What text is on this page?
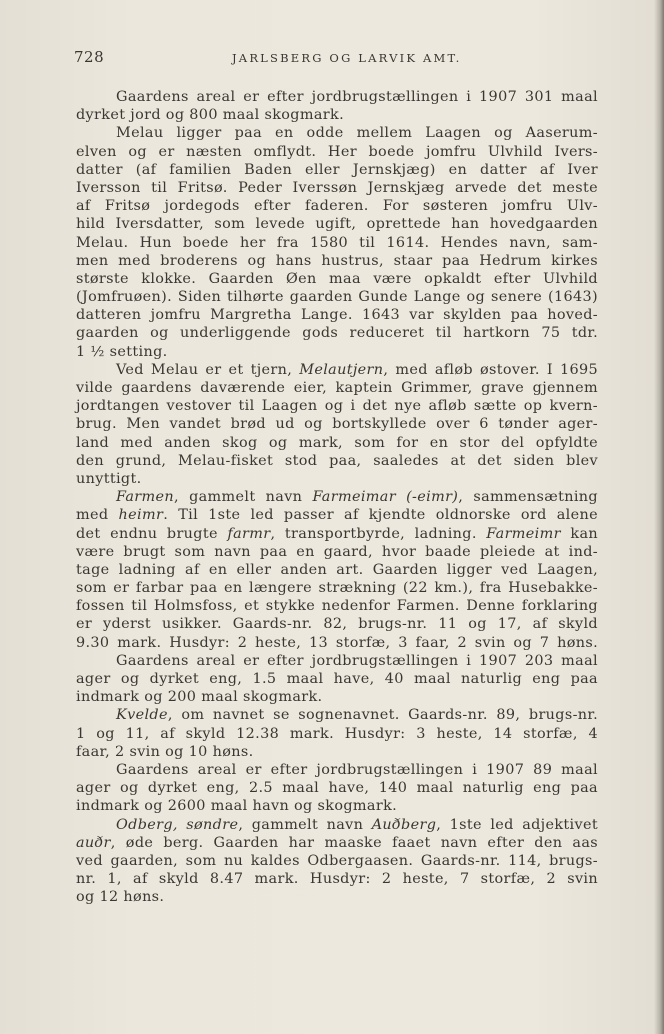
728	JARLSBERG OG LARVIK AMT.
Gaardens areal er efter jordbrugstællingen i 1907 301 maal
dyrket jord og 800 maal skogmark.
Melau ligger paa en odde mellem Laagen og Aaserum-
elven og er næsten omflydt. Her boede jomfru Ulvhild Ivers-
datter (af familien Baden eller Jernskjæg) en datter af Iver
Iversson til Fritsø. Peder Iverssøn Jernskjæg arvede det meste
af Fritsø jordegods efter faderen. For søsteren jomfru Ulv-
hild Iversdatter, som levede ugift, oprettede han hovedgaarden
Melau. Hun boede her fra 1580 til 1614. Hendes navn, sam-
men med broderens og hans hustrus, staar paa Hedrum kirkes
største klokke. Gaarden Øen maa være opkaldt efter Ulvhild
(Jomfruøen). Siden tilhørte gaarden Gunde Lange og senere (1643)
datteren jomfru Margretha Lange. 1643 var skylden paa hoved-
gaarden og underliggende gods reduceret til hartkorn 75 tdr.
1 ½ setting.
Ved Melau er et tjern, Melautjern, med afløb østover. I 1695
vilde gaardens daværende eier, kaptein Grimmer, grave gjennem
jordtangen vestover til Laagen og i det nye afløb sætte op kvern-
brug. Men vandet brød ud og bortskyllede over 6 tønder ager-
land med anden skog og mark, som for en stor del opfyldte
den grund, Melau-fisket stod paa, saaledes at det siden blev
unyttigt.
Farmen, gammelt navn Farmeimar (-eimr), sammensætning
med heimr. Til 1ste led passer af kjendte oldnorske ord alene
det endnu brugte farmr, transportbyrde, ladning. Farmeimr kan
være brugt som navn paa en gaard, hvor baade pleiede at ind-
tage ladning af en eller anden art. Gaarden ligger ved Laagen,
som er farbar paa en længere strækning (22 km.), fra Husebakke-
fossen til Holmsfoss, et stykke nedenfor Farmen. Denne forklaring
er yderst usikker. Gaards-nr. 82, brugs-nr. 11 og 17, af skyld
9.30 mark. Husdyr: 2 heste, 13 storfæ, 3 faar, 2 svin og 7 høns.
Gaardens areal er efter jordbrugstællingen i 1907 203 maal
ager og dyrket eng, 1.5 maal have, 40 maal naturlig eng paa
indmark og 200 maal skogmark.
Kvelde, om navnet se sognenavnet. Gaards-nr. 89, brugs-nr.
1 og 11, af skyld 12.38 mark. Husdyr: 3 heste, 14 storfæ, 4
faar, 2 svin og 10 høns.
Gaardens areal er efter jordbrugstællingen i 1907 89 maal
ager og dyrket eng, 2.5 maal have, 140 maal naturlig eng paa
indmark og 2600 maal havn og skogmark.
Odberg, søndre, gammelt navn Auðberg, 1ste led adjektivet
auðr, øde berg. Gaarden har maaske faaet navn efter den aas
ved gaarden, som nu kaldes Odbergaasen. Gaards-nr. 114, brugs-
nr. 1, af skyld 8.47 mark. Husdyr: 2 heste, 7 storfæ, 2 svin
og 12 høns.
